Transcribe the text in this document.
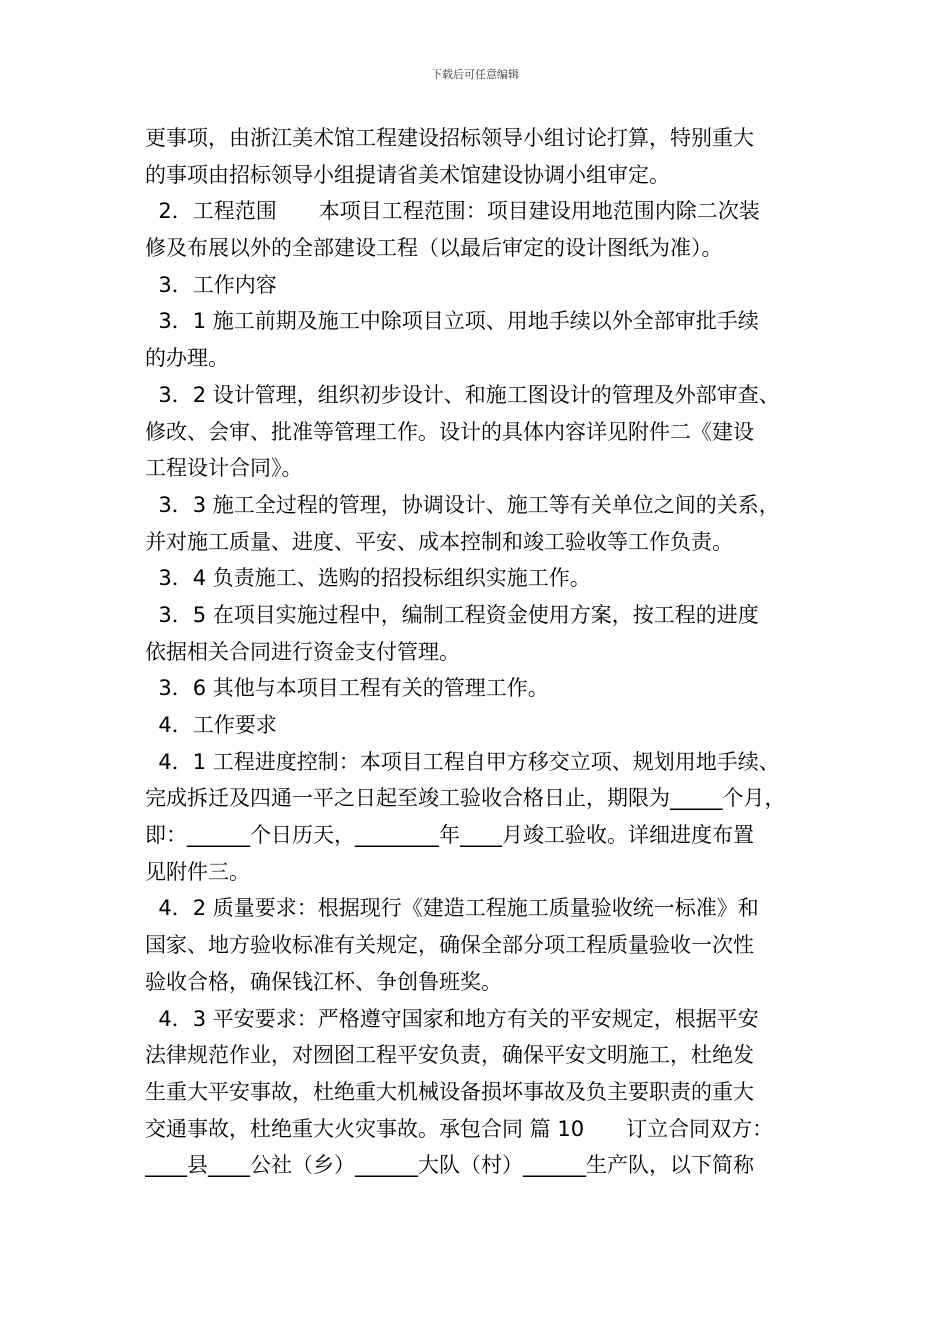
下载后可任意编辑
更事项，由浙江美术馆工程建设招标领导小组讨论打算，特别重大
的事项由招标领导小组提请省美术馆建设协调小组审定。
2．工程范围　　本项目工程范围：项目建设用地范围内除二次装
修及布展以外的全部建设工程（以最后审定的设计图纸为准）。
3．工作内容
3．1 施工前期及施工中除项目立项、用地手续以外全部审批手续
的办理。
3．2 设计管理，组织初步设计、和施工图设计的管理及外部审查、
修改、会审、批准等管理工作。设计的具体内容详见附件二《建设
工程设计合同》。
3．3 施工全过程的管理，协调设计、施工等有关单位之间的关系，
并对施工质量、进度、平安、成本控制和竣工验收等工作负责。
3．4 负责施工、选购的招投标组织实施工作。
3．5 在项目实施过程中，编制工程资金使用方案，按工程的进度
依据相关合同进行资金支付管理。
3．6 其他与本项目工程有关的管理工作。
4．工作要求
4．1 工程进度控制：本项目工程自甲方移交立项、规划用地手续、
完成拆迁及四通一平之日起至竣工验收合格日止，期限为_____个月，
即：______个日历天，________年____月竣工验收。详细进度布置
见附件三。
4．2 质量要求：根据现行《建造工程施工质量验收统一标准》和
国家、地方验收标准有关规定，确保全部分项工程质量验收一次性
验收合格，确保钱江杯、争创鲁班奖。
4．3 平安要求：严格遵守国家和地方有关的平安规定，根据平安
法律规范作业，对囫囵工程平安负责，确保平安文明施工，杜绝发
生重大平安事故，杜绝重大机械设备损坏事故及负主要职责的重大
交通事故，杜绝重大火灾事故。承包合同 篇 10　　订立合同双方：
____县____公社（乡）______大队（村）______生产队，以下简称
